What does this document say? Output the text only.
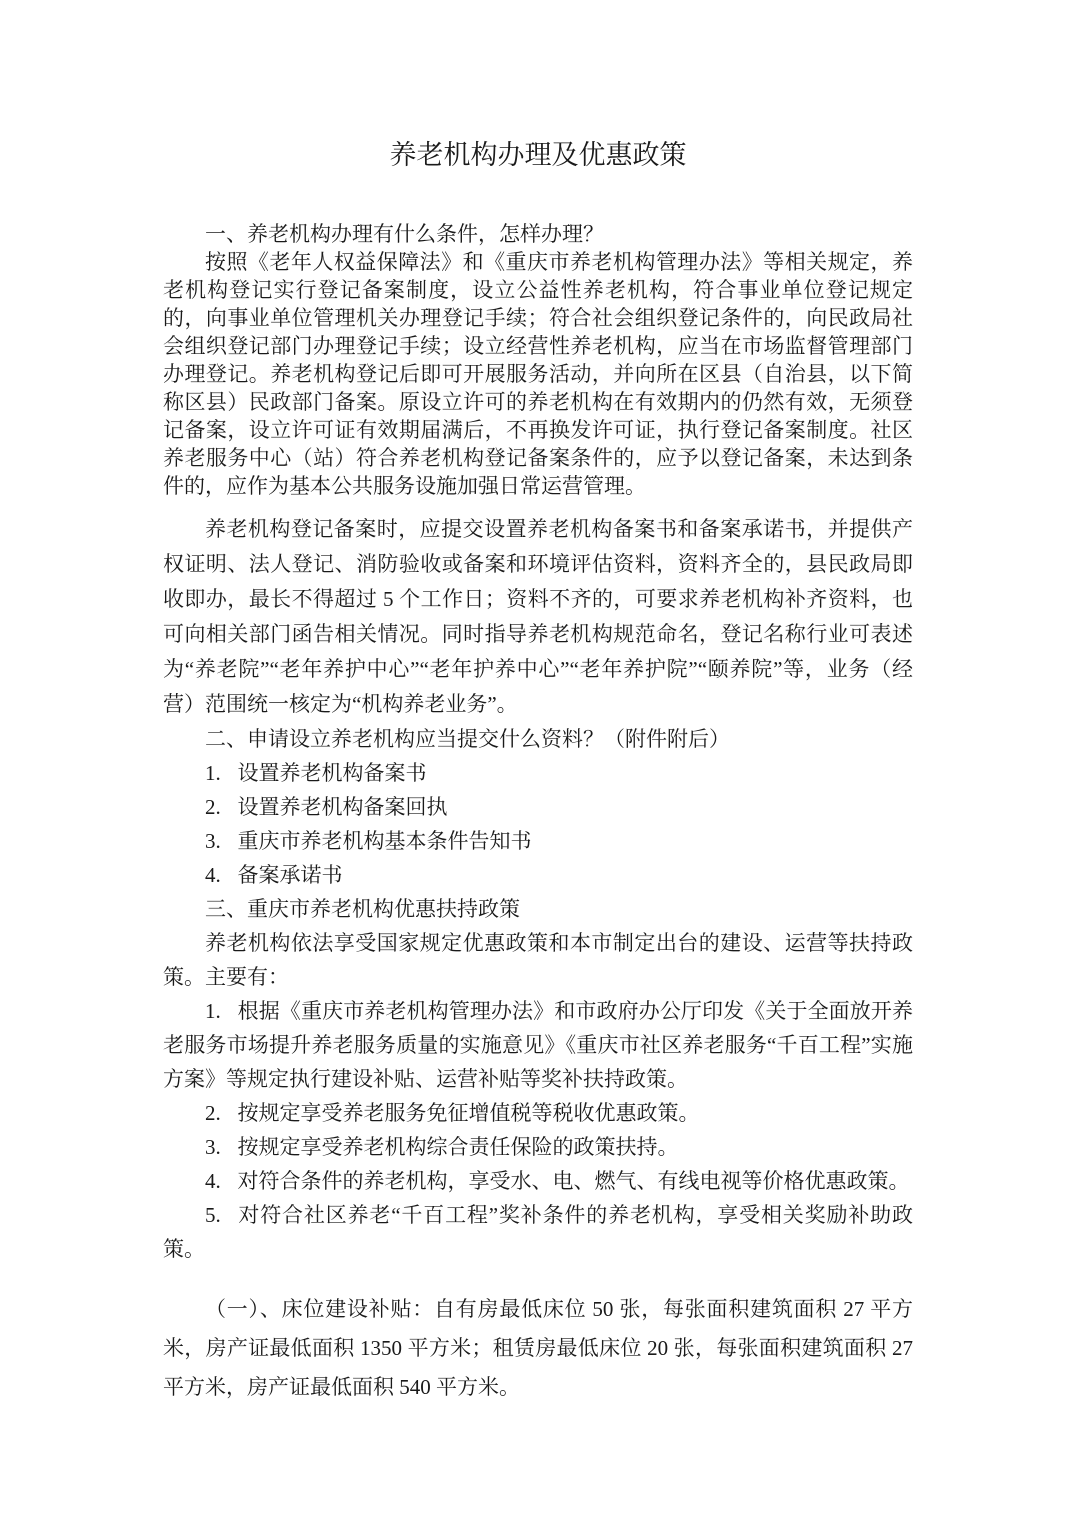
养老机构办理及优惠政策

一、养老机构办理有什么条件，怎样办理？

按照《老年人权益保障法》和《重庆市养老机构管理办法》等相关规定，养老机构登记实行登记备案制度，设立公益性养老机构，符合事业单位登记规定的，向事业单位管理机关办理登记手续；符合社会组织登记条件的，向民政局社会组织登记部门办理登记手续；设立经营性养老机构，应当在市场监督管理部门办理登记。养老机构登记后即可开展服务活动，并向所在区县（自治县，以下简称区县）民政部门备案。原设立许可的养老机构在有效期内的仍然有效，无须登记备案，设立许可证有效期届满后，不再换发许可证，执行登记备案制度。社区养老服务中心（站）符合养老机构登记备案条件的，应予以登记备案，未达到条件的，应作为基本公共服务设施加强日常运营管理。

养老机构登记备案时，应提交设置养老机构备案书和备案承诺书，并提供产权证明、法人登记、消防验收或备案和环境评估资料，资料齐全的，县民政局即收即办，最长不得超过 5 个工作日；资料不齐的，可要求养老机构补齐资料，也可向相关部门函告相关情况。同时指导养老机构规范命名，登记名称行业可表述为“养老院”“老年养护中心”“老年护养中心”“老年养护院”“颐养院”等，业务（经营）范围统一核定为“机构养老业务”。

二、申请设立养老机构应当提交什么资料？（附件附后）

1. 设置养老机构备案书

2. 设置养老机构备案回执

3. 重庆市养老机构基本条件告知书

4. 备案承诺书

三、重庆市养老机构优惠扶持政策

养老机构依法享受国家规定优惠政策和本市制定出台的建设、运营等扶持政策。主要有：

1. 根据《重庆市养老机构管理办法》和市政府办公厅印发《关于全面放开养老服务市场提升养老服务质量的实施意见》《重庆市社区养老服务“千百工程”实施方案》等规定执行建设补贴、运营补贴等奖补扶持政策。

2. 按规定享受养老服务免征增值税等税收优惠政策。

3. 按规定享受养老机构综合责任保险的政策扶持。

4. 对符合条件的养老机构，享受水、电、燃气、有线电视等价格优惠政策。

5. 对符合社区养老“千百工程”奖补条件的养老机构，享受相关奖励补助政策。

（一）、床位建设补贴：自有房最低床位 50 张，每张面积建筑面积 27 平方米，房产证最低面积 1350 平方米；租赁房最低床位 20 张，每张面积建筑面积 27 平方米，房产证最低面积 540 平方米。
